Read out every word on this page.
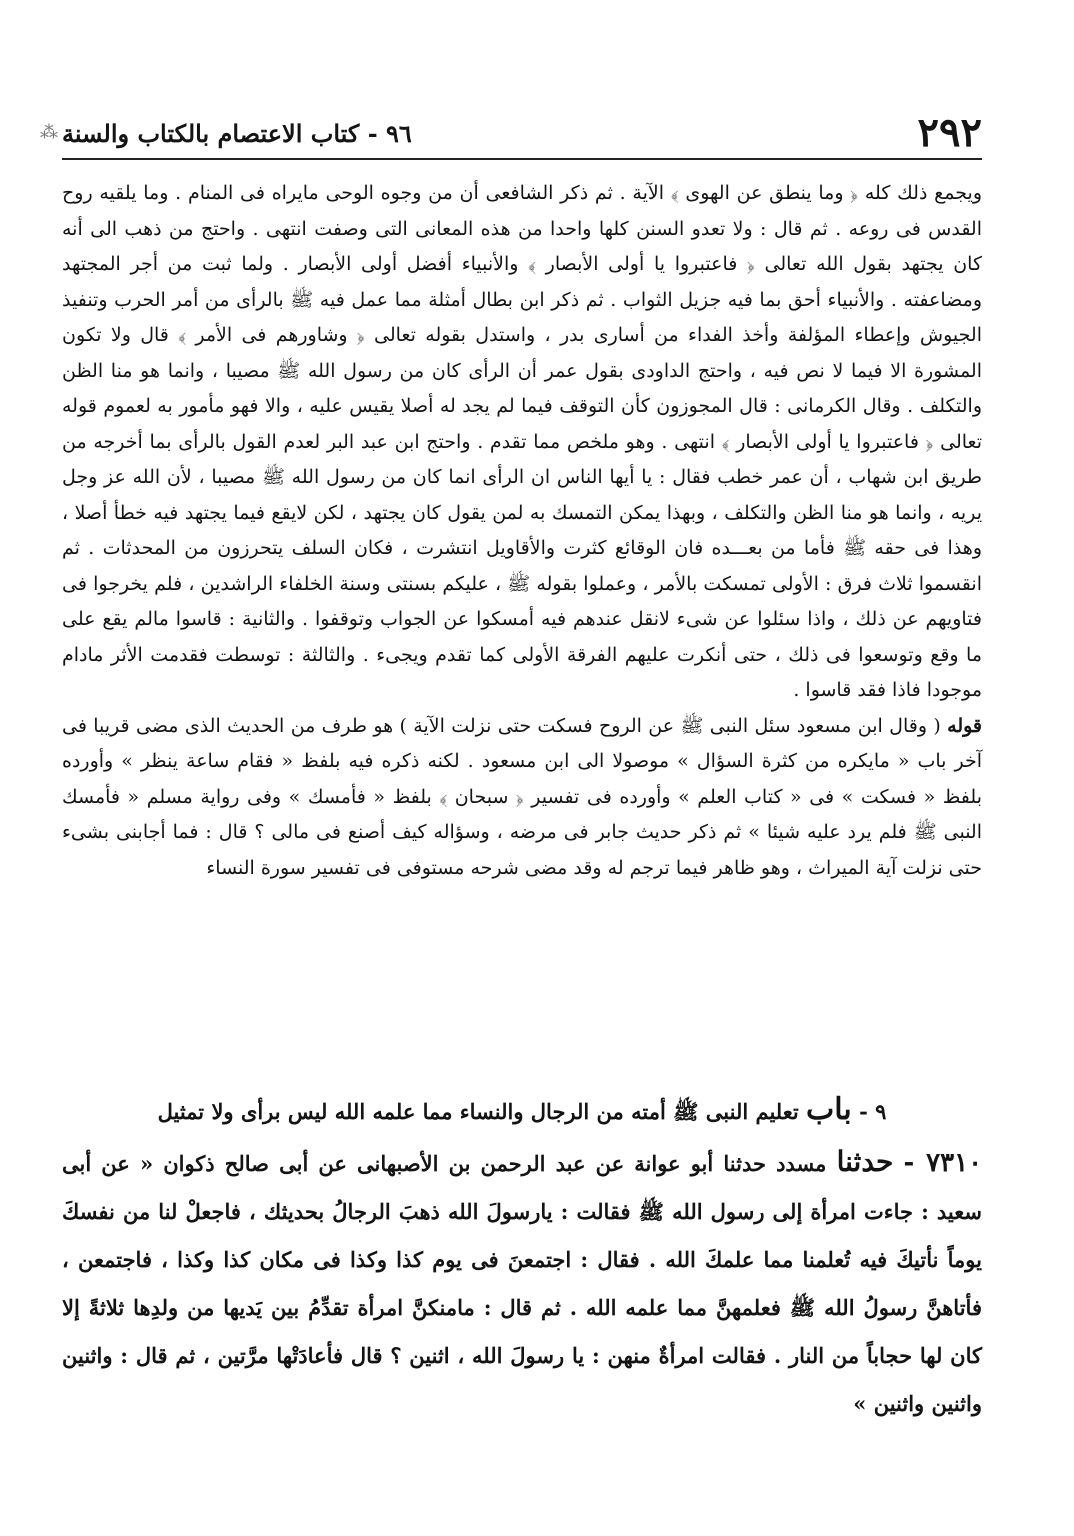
٢٩٢
٩٦ - كتاب الاعتصام بالكتاب والسنة
⁂

ويجمع ذلك كله ﴿ وما ينطق عن الهوى ﴾ الآية . ثم ذكر الشافعى أن من وجوه الوحى مايراه فى المنام . وما يلقيه روح القدس فى روعه . ثم قال : ولا تعدو السنن كلها واحدا من هذه المعانى التى وصفت انتهى . واحتج من ذهب الى أنه كان يجتهد بقول الله تعالى ﴿ فاعتبروا يا أولى الأبصار ﴾ والأنبياء أفضل أولى الأبصار . ولما ثبت من أجر المجتهد ومضاعفته . والأنبياء أحق بما فيه جزيل الثواب . ثم ذكر ابن بطال أمثلة مما عمل فيه ﷺ بالرأى من أمر الحرب وتنفيذ الجيوش وإعطاء المؤلفة وأخذ الفداء من أسارى بدر ، واستدل بقوله تعالى ﴿ وشاورهم فى الأمر ﴾ قال ولا تكون المشورة الا فيما لا نص فيه ، واحتج الداودى بقول عمر أن الرأى كان من رسول الله ﷺ مصيبا ، وانما هو منا الظن والتكلف . وقال الكرمانى : قال المجوزون كأن التوقف فيما لم يجد له أصلا يقيس عليه ، والا فهو مأمور به لعموم قوله تعالى ﴿ فاعتبروا يا أولى الأبصار ﴾ انتهى . وهو ملخص مما تقدم . واحتج ابن عبد البر لعدم القول بالرأى بما أخرجه من طريق ابن شهاب ، أن عمر خطب فقال : يا أيها الناس ان الرأى انما كان من رسول الله ﷺ مصيبا ، لأن الله عز وجل يريه ، وانما هو منا الظن والتكلف ، وبهذا يمكن التمسك به لمن يقول كان يجتهد ، لكن لايقع فيما يجتهد فيه خطأ أصلا ، وهذا فى حقه ﷺ فأما من بعـــده فان الوقائع كثرت والأقاويل انتشرت ، فكان السلف يتحرزون من المحدثات . ثم انقسموا ثلاث فرق : الأولى تمسكت بالأمر ، وعملوا بقوله ﷺ ، عليكم بسنتى وسنة الخلفاء الراشدين ، فلم يخرجوا فى فتاويهم عن ذلك ، واذا سئلوا عن شىء لانقل عندهم فيه أمسكوا عن الجواب وتوقفوا . والثانية : قاسوا مالم يقع على ما وقع وتوسعوا فى ذلك ، حتى أنكرت عليهم الفرقة الأولى كما تقدم ويجىء . والثالثة : توسطت فقدمت الأثر مادام موجودا فاذا فقد قاسوا .

قوله ( وقال ابن مسعود سئل النبى ﷺ عن الروح فسكت حتى نزلت الآية ) هو طرف من الحديث الذى مضى قريبا فى آخر باب « مايكره من كثرة السؤال » موصولا الى ابن مسعود . لكنه ذكره فيه بلفظ « فقام ساعة ينظر » وأورده بلفظ « فسكت » فى « كتاب العلم » وأورده فى تفسير ﴿ سبحان ﴾ بلفظ « فأمسك » وفى رواية مسلم « فأمسك النبى ﷺ فلم يرد عليه شيئا » ثم ذكر حديث جابر فى مرضه ، وسؤاله كيف أصنع فى مالى ؟ قال : فما أجابنى بشىء حتى نزلت آية الميراث ، وهو ظاهر فيما ترجم له وقد مضى شرحه مستوفى فى تفسير سورة النساء

٩ - باب تعليم النبى ﷺ أمته من الرجال والنساء مما علمه الله ليس برأى ولا تمثيل

٧٣١٠ - حدثنا مسدد حدثنا أبو عوانة عن عبد الرحمن بن الأصبهانى عن أبى صالح ذكوان « عن أبى سعيد : جاءت امرأة إلى رسول الله ﷺ فقالت : يارسولَ الله ذهبَ الرجالُ بحديثك ، فاجعلْ لنا من نفسكَ يوماً نأتيكَ فيه تُعلمنا مما علمكَ الله . فقال : اجتمعنَ فى يوم كذا وكذا فى مكان كذا وكذا ، فاجتمعن ، فأتاهنَّ رسولُ الله ﷺ فعلمهنَّ مما علمه الله . ثم قال : مامنكنَّ امرأة تقدِّمُ بين يَديها من ولدِها ثلاثةً إلا كان لها حجاباً من النار . فقالت امرأةٌ منهن : يا رسولَ الله ، اثنين ؟ قال فأعادَتْها مرَّتين ، ثم قال : واثنين واثنين واثنين »
